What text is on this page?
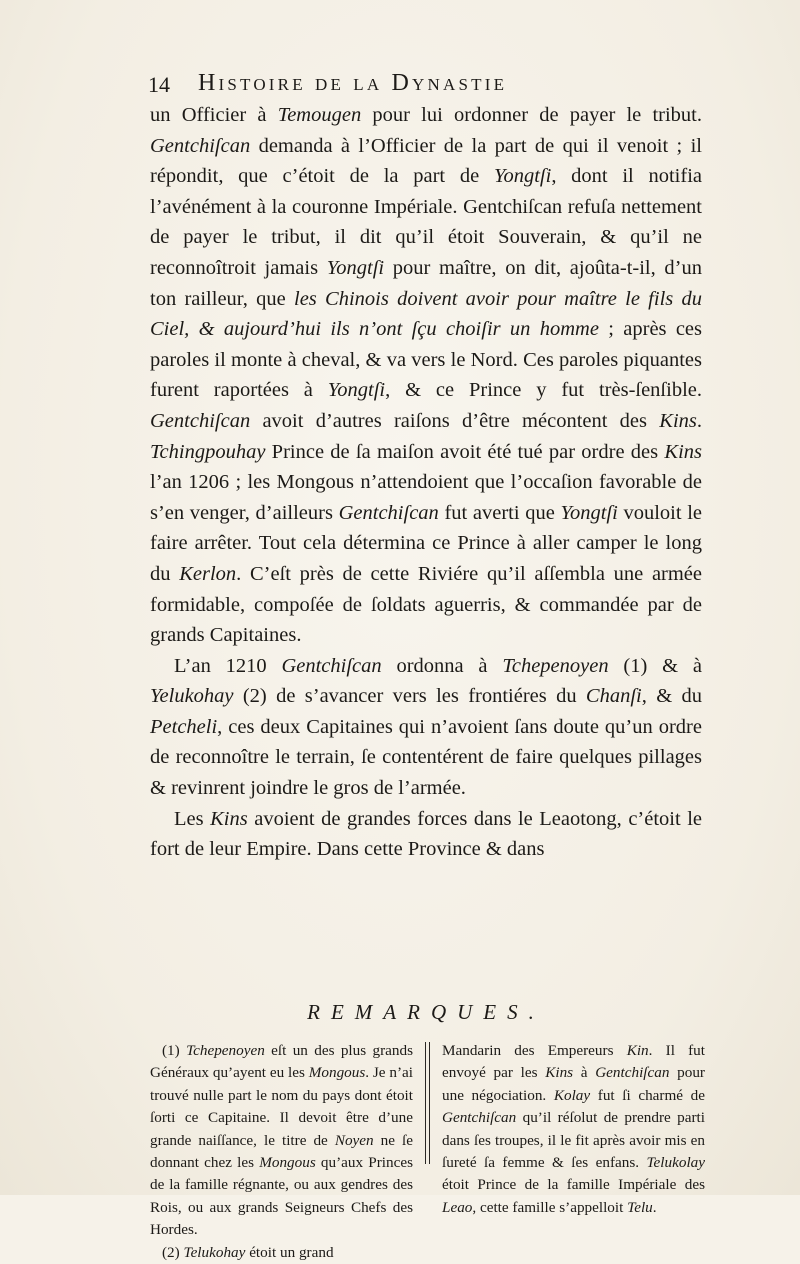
14 Histoire de la Dynastie

un Officier à Temougen pour lui ordonner de payer le tribut. Gentchiſcan demanda à l’Officier de la part de qui il venoit ; il répondit, que c’étoit de la part de Yongtſi, dont il notifia l’avénément à la couronne Impériale. Gentchiſcan refuſa nettement de payer le tribut, il dit qu’il étoit Souverain, & qu’il ne reconnoîtroit jamais Yongtſi pour maître, on dit, ajoûta-t-il, d’un ton railleur, que les Chinois doivent avoir pour maître le fils du Ciel, & aujourd’hui ils n’ont ſçu choiſir un homme ; après ces paroles il monte à cheval, & va vers le Nord. Ces paroles piquantes furent raportées à Yongtſi, & ce Prince y fut très-ſenſible. Gentchiſcan avoit d’autres raiſons d’être mécontent des Kins. Tchingpouhay Prince de ſa maiſon avoit été tué par ordre des Kins l’an 1206 ; les Mongous n’attendoient que l’occaſion favorable de s’en venger, d’ailleurs Gentchiſcan fut averti que Yongtſi vouloit le faire arrêter. Tout cela détermina ce Prince à aller camper le long du Kerlon. C’eſt près de cette Riviére qu’il aſſembla une armée formidable, compoſée de ſoldats aguerris, & commandée par de grands Capitaines.

L’an 1210 Gentchiſcan ordonna à Tchepenoyen (1) & à Yelukohay (2) de s’avancer vers les frontiéres du Chanſi, & du Petcheli, ces deux Capitaines qui n’avoient ſans doute qu’un ordre de reconnoître le terrain, ſe contentérent de faire quelques pillages & revinrent joindre le gros de l’armée.

Les Kins avoient de grandes forces dans le Leaotong, c’étoit le fort de leur Empire. Dans cette Province & dans

REMARQUES.

(1) Tchepenoyen eſt un des plus grands Généraux qu’ayent eu les Mongous. Je n’ai trouvé nulle part le nom du pays dont étoit ſorti ce Capitaine. Il devoit être d’une grande naiſſance, le titre de Noyen ne ſe donnant chez les Mongous qu’aux Princes de la famille régnante, ou aux gendres des Rois, ou aux grands Seigneurs Chefs des Hordes.

(2) Telukohay étoit un grand

Mandarin des Empereurs Kin. Il fut envoyé par les Kins à Gentchiſcan pour une négociation. Kolay fut ſi charmé de Gentchiſcan qu’il réſolut de prendre parti dans ſes troupes, il le fit après avoir mis en ſureté ſa femme & ſes enfans. Telukolay étoit Prince de la famille Impériale des Leao, cette famille s’appelloit Telu.
